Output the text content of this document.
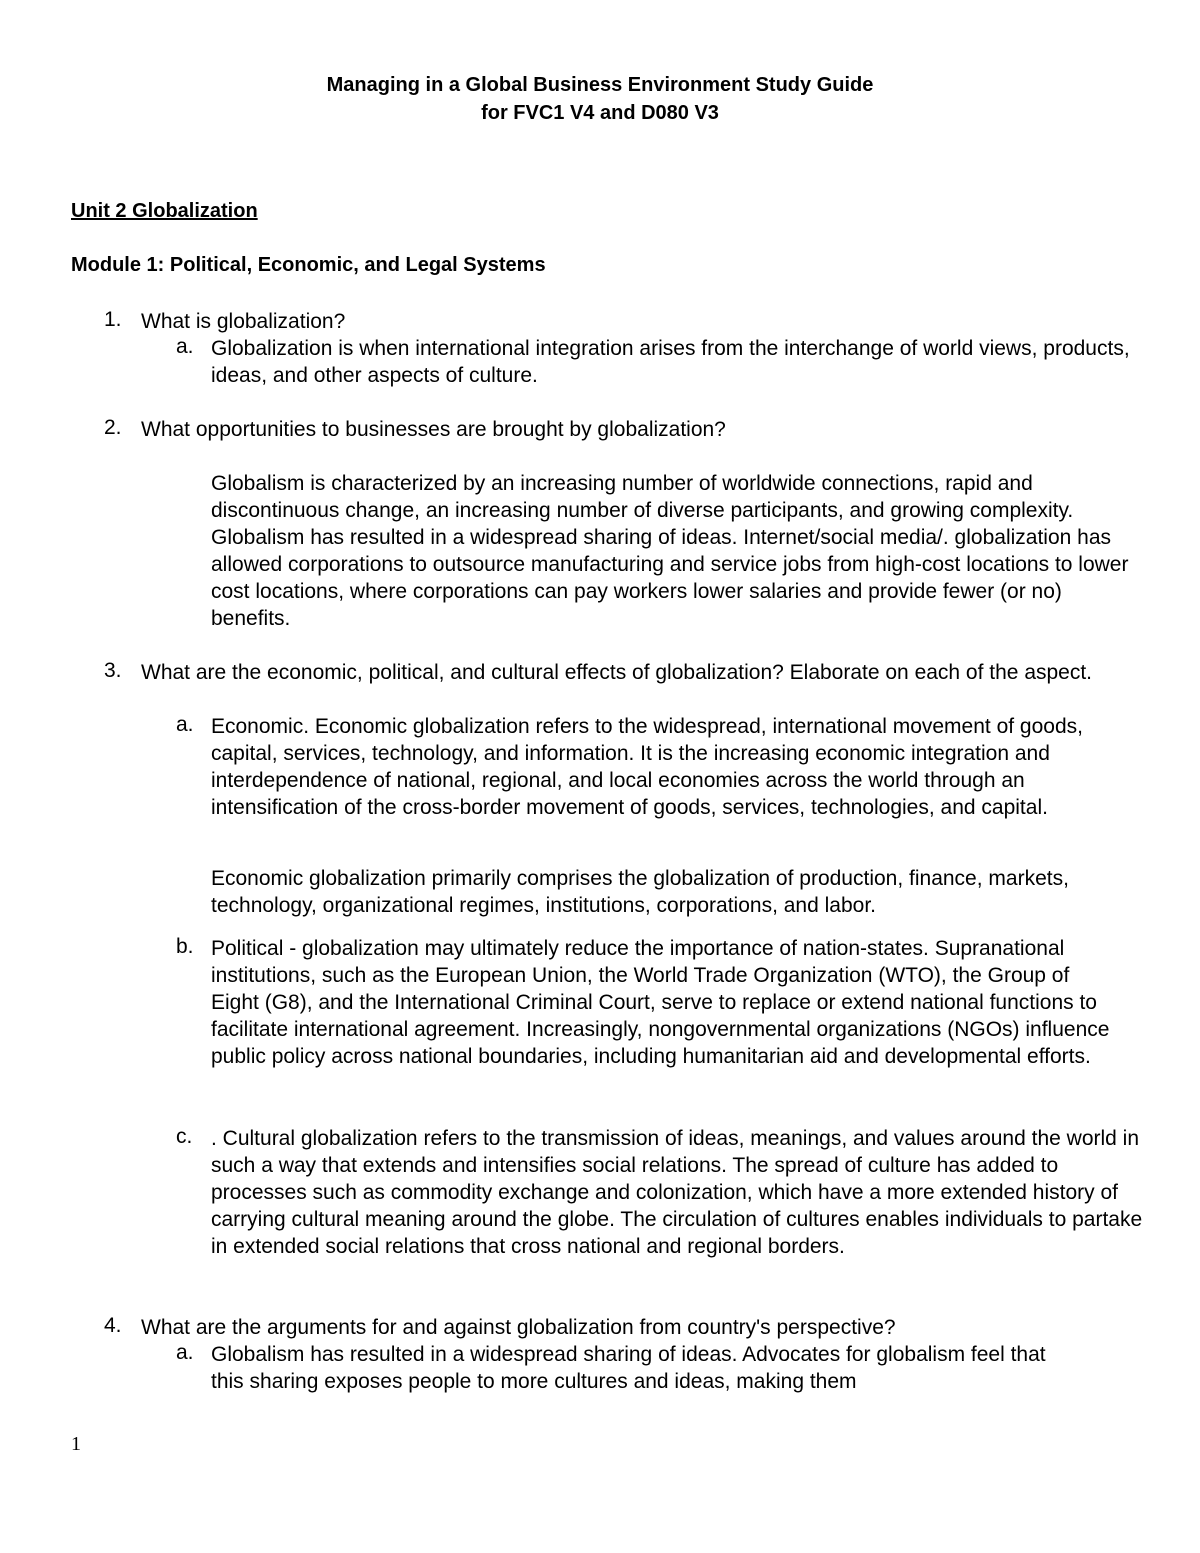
Managing in a Global Business Environment Study Guide
for FVC1 V4 and D080 V3
Unit 2 Globalization
Module 1: Political, Economic, and Legal Systems
1. What is globalization?
a. Globalization is when international integration arises from the interchange of world views, products, ideas, and other aspects of culture.
2. What opportunities to businesses are brought by globalization?
Globalism is characterized by an increasing number of worldwide connections, rapid and discontinuous change, an increasing number of diverse participants, and growing complexity. Globalism has resulted in a widespread sharing of ideas. Internet/social media/. globalization has allowed corporations to outsource manufacturing and service jobs from high-cost locations to lower cost locations, where corporations can pay workers lower salaries and provide fewer (or no) benefits.
3. What are the economic, political, and cultural effects of globalization? Elaborate on each of the aspect.
a. Economic. Economic globalization refers to the widespread, international movement of goods, capital, services, technology, and information. It is the increasing economic integration and interdependence of national, regional, and local economies across the world through an intensification of the cross-border movement of goods, services, technologies, and capital.
Economic globalization primarily comprises the globalization of production, finance, markets, technology, organizational regimes, institutions, corporations, and labor.
b. Political - globalization may ultimately reduce the importance of nation-states. Supranational institutions, such as the European Union, the World Trade Organization (WTO), the Group of Eight (G8), and the International Criminal Court, serve to replace or extend national functions to facilitate international agreement. Increasingly, nongovernmental organizations (NGOs) influence public policy across national boundaries, including humanitarian aid and developmental efforts.
c. . Cultural globalization refers to the transmission of ideas, meanings, and values around the world in such a way that extends and intensifies social relations. The spread of culture has added to processes such as commodity exchange and colonization, which have a more extended history of carrying cultural meaning around the globe. The circulation of cultures enables individuals to partake in extended social relations that cross national and regional borders.
4. What are the arguments for and against globalization from country's perspective?
a. Globalism has resulted in a widespread sharing of ideas. Advocates for globalism feel that this sharing exposes people to more cultures and ideas, making them
1
